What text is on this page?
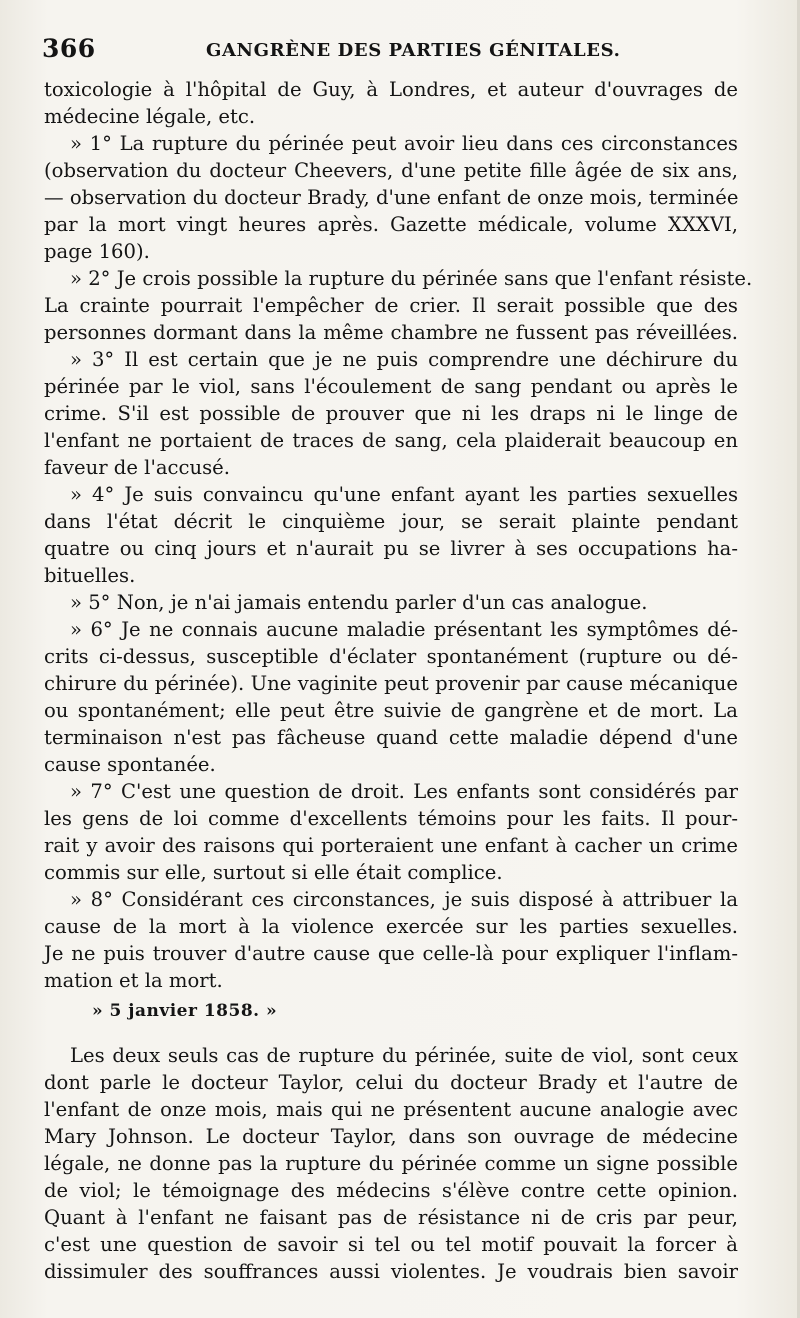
366	GANGRÈNE DES PARTIES GÉNITALES.
toxicologie à l'hôpital de Guy, à Londres, et auteur d'ouvrages de
médecine légale, etc.
» 1° La rupture du périnée peut avoir lieu dans ces circonstances
(observation du docteur Cheevers, d'une petite fille âgée de six ans,
— observation du docteur Brady, d'une enfant de onze mois, terminée
par la mort vingt heures après. Gazette médicale, volume XXXVI,
page 160).
» 2° Je crois possible la rupture du périnée sans que l'enfant résiste.
La crainte pourrait l'empêcher de crier. Il serait possible que des
personnes dormant dans la même chambre ne fussent pas réveillées.
» 3° Il est certain que je ne puis comprendre une déchirure du
périnée par le viol, sans l'écoulement de sang pendant ou après le
crime. S'il est possible de prouver que ni les draps ni le linge de
l'enfant ne portaient de traces de sang, cela plaiderait beaucoup en
faveur de l'accusé.
» 4° Je suis convaincu qu'une enfant ayant les parties sexuelles
dans l'état décrit le cinquième jour, se serait plainte pendant
quatre ou cinq jours et n'aurait pu se livrer à ses occupations ha-
bituelles.
» 5° Non, je n'ai jamais entendu parler d'un cas analogue.
» 6° Je ne connais aucune maladie présentant les symptômes dé-
crits ci-dessus, susceptible d'éclater spontanément (rupture ou dé-
chirure du périnée). Une vaginite peut provenir par cause mécanique
ou spontanément; elle peut être suivie de gangrène et de mort. La
terminaison n'est pas fâcheuse quand cette maladie dépend d'une
cause spontanée.
» 7° C'est une question de droit. Les enfants sont considérés par
les gens de loi comme d'excellents témoins pour les faits. Il pour-
rait y avoir des raisons qui porteraient une enfant à cacher un crime
commis sur elle, surtout si elle était complice.
» 8° Considérant ces circonstances, je suis disposé à attribuer la
cause de la mort à la violence exercée sur les parties sexuelles.
Je ne puis trouver d'autre cause que celle-là pour expliquer l'inflam-
mation et la mort.
» 5 janvier 1858. »
Les deux seuls cas de rupture du périnée, suite de viol, sont ceux
dont parle le docteur Taylor, celui du docteur Brady et l'autre de
l'enfant de onze mois, mais qui ne présentent aucune analogie avec
Mary Johnson. Le docteur Taylor, dans son ouvrage de médecine
légale, ne donne pas la rupture du périnée comme un signe possible
de viol; le témoignage des médecins s'élève contre cette opinion.
Quant à l'enfant ne faisant pas de résistance ni de cris par peur,
c'est une question de savoir si tel ou tel motif pouvait la forcer à
dissimuler des souffrances aussi violentes. Je voudrais bien savoir
